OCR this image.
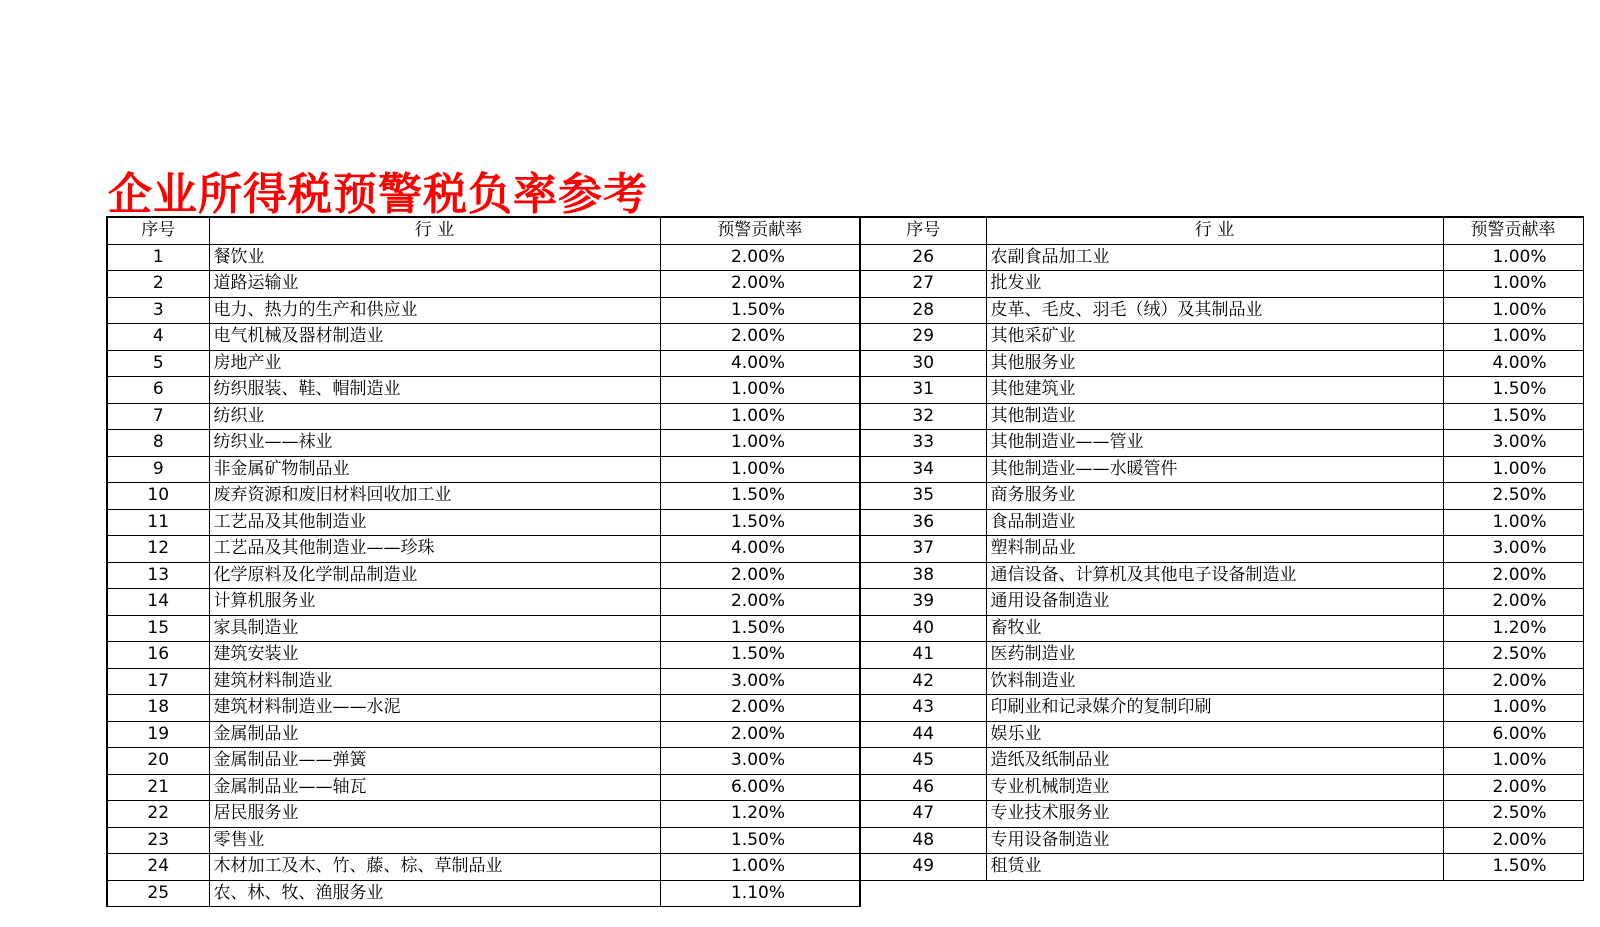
企业所得税预警税负率参考
序号	行 业	预警贡献率	序号	行 业	预警贡献率
1	餐饮业	2.00%	26	农副食品加工业	1.00%
2	道路运输业	2.00%	27	批发业	1.00%
3	电力、热力的生产和供应业	1.50%	28	皮革、毛皮、羽毛（绒）及其制品业	1.00%
4	电气机械及器材制造业	2.00%	29	其他采矿业	1.00%
5	房地产业	4.00%	30	其他服务业	4.00%
6	纺织服装、鞋、帽制造业	1.00%	31	其他建筑业	1.50%
7	纺织业	1.00%	32	其他制造业	1.50%
8	纺织业——袜业	1.00%	33	其他制造业——管业	3.00%
9	非金属矿物制品业	1.00%	34	其他制造业——水暖管件	1.00%
10	废弃资源和废旧材料回收加工业	1.50%	35	商务服务业	2.50%
11	工艺品及其他制造业	1.50%	36	食品制造业	1.00%
12	工艺品及其他制造业——珍珠	4.00%	37	塑料制品业	3.00%
13	化学原料及化学制品制造业	2.00%	38	通信设备、计算机及其他电子设备制造业	2.00%
14	计算机服务业	2.00%	39	通用设备制造业	2.00%
15	家具制造业	1.50%	40	畜牧业	1.20%
16	建筑安装业	1.50%	41	医药制造业	2.50%
17	建筑材料制造业	3.00%	42	饮料制造业	2.00%
18	建筑材料制造业——水泥	2.00%	43	印刷业和记录媒介的复制印刷	1.00%
19	金属制品业	2.00%	44	娱乐业	6.00%
20	金属制品业——弹簧	3.00%	45	造纸及纸制品业	1.00%
21	金属制品业——轴瓦	6.00%	46	专业机械制造业	2.00%
22	居民服务业	1.20%	47	专业技术服务业	2.50%
23	零售业	1.50%	48	专用设备制造业	2.00%
24	木材加工及木、竹、藤、棕、草制品业	1.00%	49	租赁业	1.50%
25	农、林、牧、渔服务业	1.10%			
